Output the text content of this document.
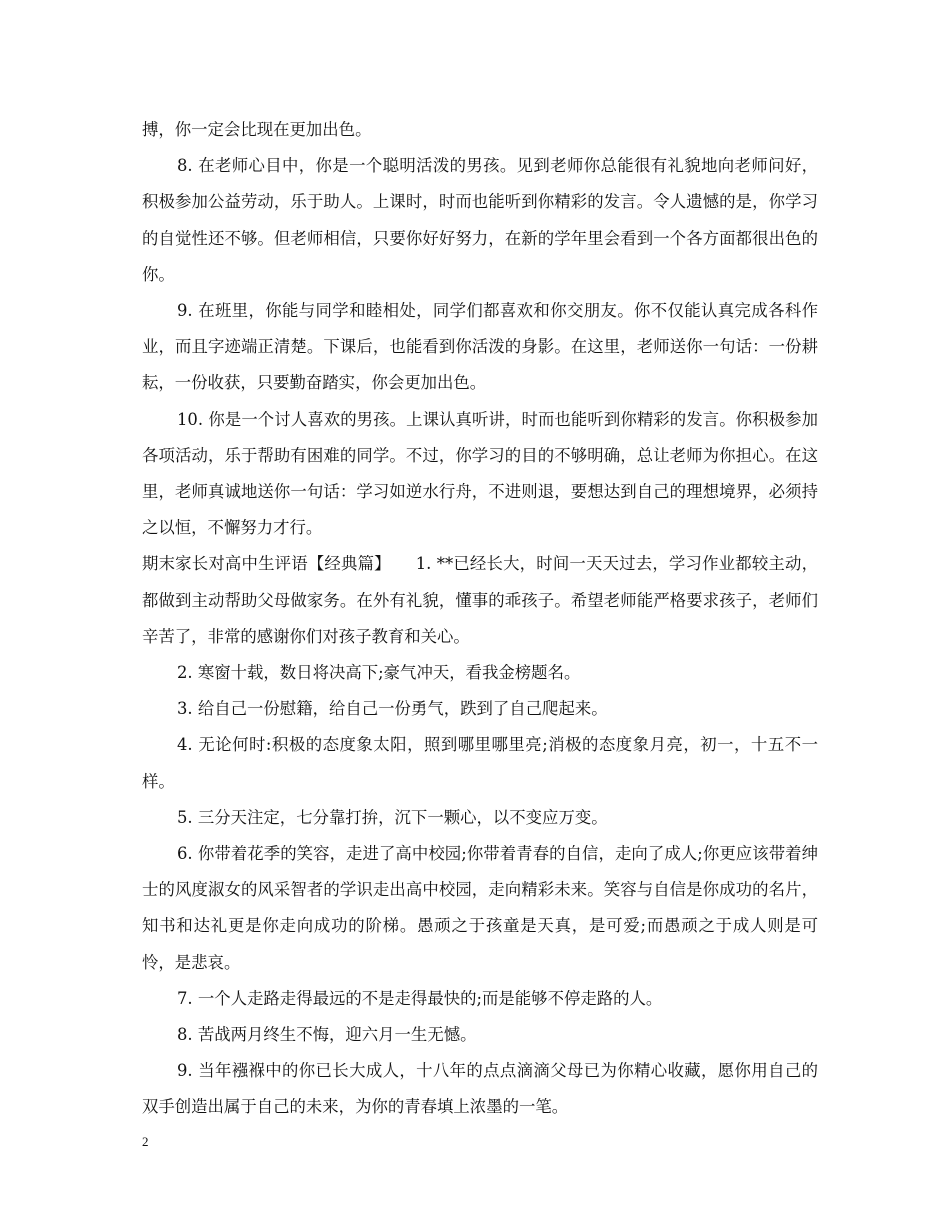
搏，你一定会比现在更加出色。

8. 在老师心目中，你是一个聪明活泼的男孩。见到老师你总能很有礼貌地向老师问好，积极参加公益劳动，乐于助人。上课时，时而也能听到你精彩的发言。令人遗憾的是，你学习的自觉性还不够。但老师相信，只要你好好努力，在新的学年里会看到一个各方面都很出色的你。

9. 在班里，你能与同学和睦相处，同学们都喜欢和你交朋友。你不仅能认真完成各科作业，而且字迹端正清楚。下课后，也能看到你活泼的身影。在这里，老师送你一句话：一份耕耘，一份收获，只要勤奋踏实，你会更加出色。

10. 你是一个讨人喜欢的男孩。上课认真听讲，时而也能听到你精彩的发言。你积极参加各项活动，乐于帮助有困难的同学。不过，你学习的目的不够明确，总让老师为你担心。在这里，老师真诚地送你一句话：学习如逆水行舟，不进则退，要想达到自己的理想境界，必须持之以恒，不懈努力才行。

期末家长对高中生评语【经典篇】　　1. **已经长大，时间一天天过去，学习作业都较主动，都做到主动帮助父母做家务。在外有礼貌，懂事的乖孩子。希望老师能严格要求孩子，老师们辛苦了，非常的感谢你们对孩子教育和关心。

2. 寒窗十载，数日将决高下;豪气冲天，看我金榜题名。

3. 给自己一份慰籍，给自己一份勇气，跌到了自己爬起来。

4. 无论何时:积极的态度象太阳，照到哪里哪里亮;消极的态度象月亮，初一，十五不一样。

5. 三分天注定，七分靠打拚，沉下一颗心，以不变应万变。

6. 你带着花季的笑容，走进了高中校园;你带着青春的自信，走向了成人;你更应该带着绅士的风度淑女的风采智者的学识走出高中校园，走向精彩未来。笑容与自信是你成功的名片，知书和达礼更是你走向成功的阶梯。愚顽之于孩童是天真，是可爱;而愚顽之于成人则是可怜，是悲哀。

7. 一个人走路走得最远的不是走得最快的;而是能够不停走路的人。

8. 苦战两月终生不悔，迎六月一生无憾。

9. 当年襁褓中的你已长大成人，十八年的点点滴滴父母已为你精心收藏，愿你用自己的双手创造出属于自己的未来，为你的青春填上浓墨的一笔。

2
